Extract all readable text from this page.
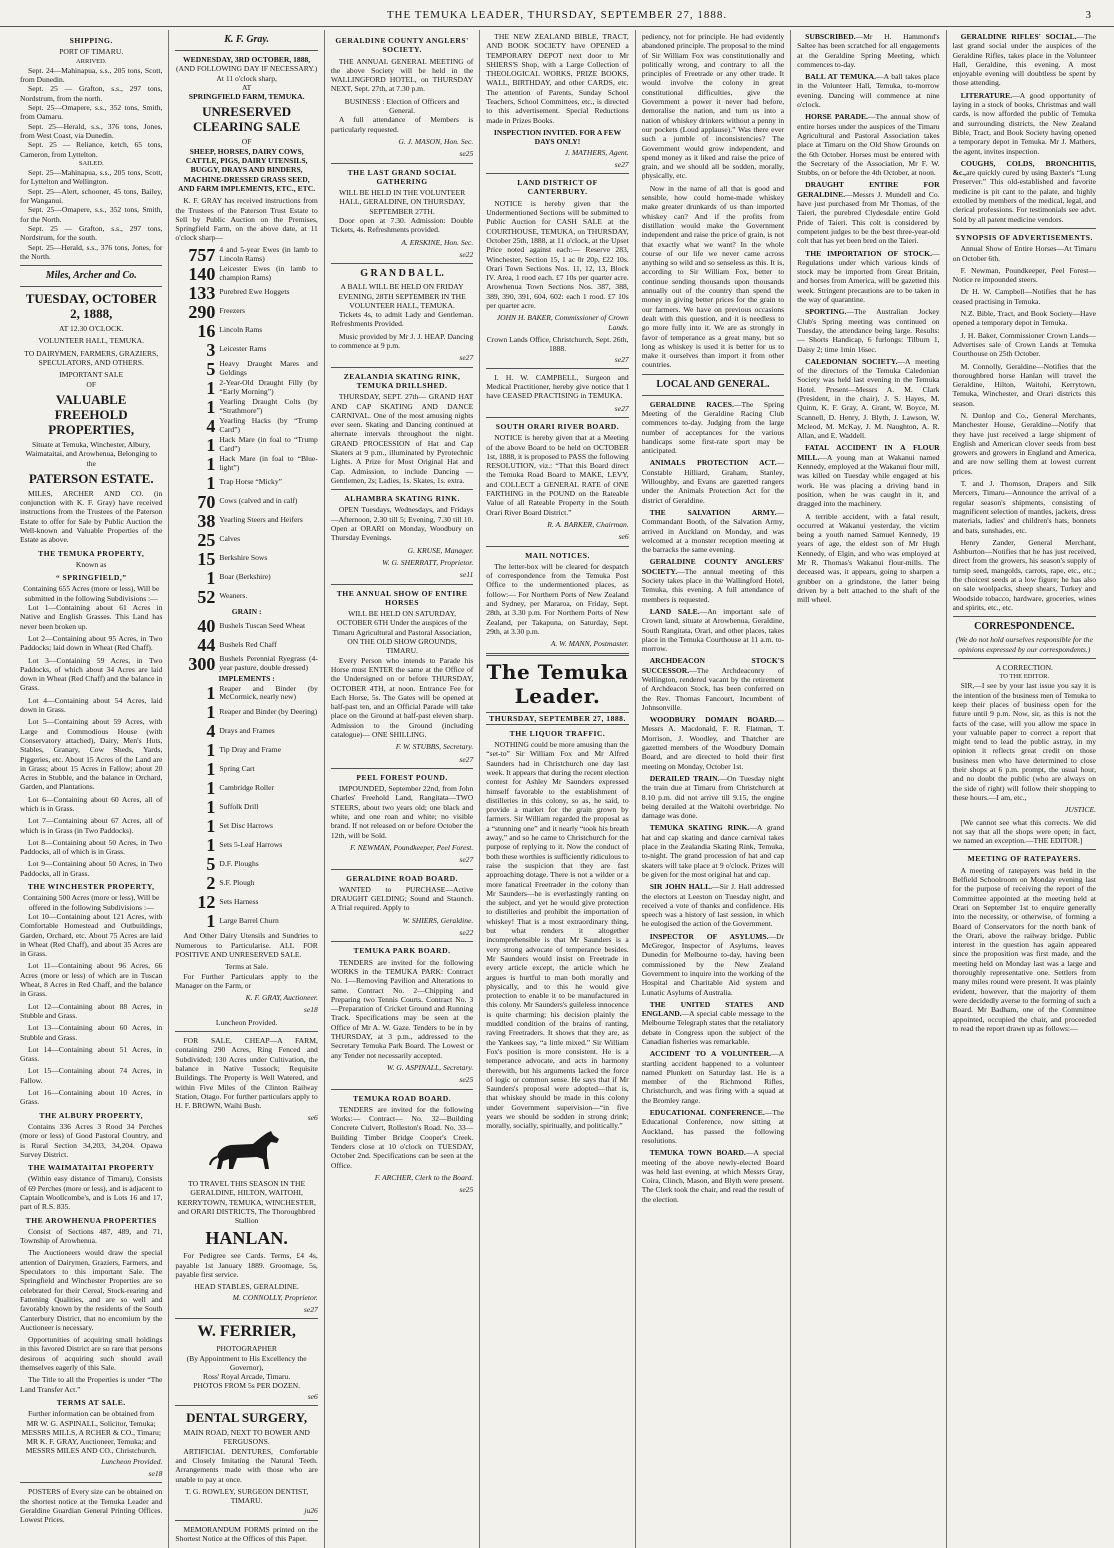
THE TEMUKA LEADER, THURSDAY, SEPTEMBER 27, 1888.	3
SHIPPING.
PORT OF TIMARU.
ARRIVED.

Sept. 24—Mahinapua, s.s., 205 tons, Scott, from Dunedin.

Sept. 25 — Grafton, s.s., 297 tons, Nordstrum, from the north.

Sept. 25—Omapere, s.s., 352 tons, Smith, from Oamaru.

Sept. 25—Herald, s.s., 376 tons, Jones, from West Coast, via Dunedin.

Sept. 25 — Reliance, ketch, 65 tons, Cameron, from Lyttelton.

SAILED.

Sept. 25—Mahinapua, s.s., 205 tons, Scott, for Lyttelton and Wellington.

Sept. 25—Alert, schooner, 45 tons, Bailey, for Wanganui.

Sept. 25—Omapere, s.s., 352 tons, Smith, for the North.

Sept. 25 — Grafton, s.s., 297 tons, Nordstrum, for the south.

Sept. 25—Herald, s.s., 376 tons, Jones, for the North.

Miles, Archer and Co.
TUESDAY, OCTOBER 2, 1888,
AT 12.30 O'CLOCK.
VOLUNTEER HALL, TEMUKA.
TO DAIRYMEN, FARMERS, GRAZIERS, SPECULATORS, AND OTHERS.
IMPORTANT SALE
OF
VALUABLE FREEHOLD PROPERTIES,
Situate at Temuka, Winchester, Albury, Waimataitai, and Arowhenua, Belonging to the
PATERSON ESTATE.

MILES, ARCHER AND CO. (in conjunction with K. F. Gray) have received instructions from the Trustees of the Paterson Estate to offer for Sale by Public Auction the Well-known and Valuable Properties of the Estate as above.

THE TEMUKA PROPERTY,
Known as
“ SPRINGFIELD,”
Containing 655 Acres (more or less), Will be submitted in the following Subdivisions :—

Lot 1—Containing about 61 Acres in Native and English Grasses. This Land has never been broken up.

Lot 2—Containing about 95 Acres, in Two Paddocks; laid down in Wheat (Red Chaff).

Lot 3—Containing 59 Acres, in Two Paddocks, of which about 34 Acres are laid down in Wheat (Red Chaff) and the balance in Grass.

Lot 4—Containing about 54 Acres, laid down in Grass.

Lot 5—Containing about 59 Acres, with Large and Commodious House (with Conservatory attached), Dairy, Men's Huts, Stables, Granary, Cow Sheds, Yards, Piggeries, etc. About 15 Acres of the Land are in Grass; about 15 Acres in Fallow; about 20 Acres in Stubble, and the balance in Orchard, Garden, and Plantations.

Lot 6—Containing about 60 Acres, all of which is in Grass.

Lot 7—Containing about 67 Acres, all of which is in Grass (in Two Paddocks).

Lot 8—Containing about 50 Acres, in Two Paddocks, all of which is in Grass.

Lot 9—Containing about 50 Acres, in Two Paddocks, all in Grass.

THE WINCHESTER PROPERTY,
Containing 500 Acres (more or less), Will be offered in the following Subdivisions :—

Lot 10—Containing about 121 Acres, with Comfortable Homestead and Outbuildings, Garden, Orchard, etc. About 75 Acres are laid in Wheat (Red Chaff), and about 35 Acres are in Grass.

Lot 11—Containing about 96 Acres, 66 Acres (more or less) of which are in Tuscan Wheat, 8 Acres in Red Chaff, and the balance in Grass.

Lot 12—Containing about 88 Acres, in Stubble and Grass.

Lot 13—Containing about 60 Acres, in Stubble and Grass.

Lot 14—Containing about 51 Acres, in Grass.

Lot 15—Containing about 74 Acres, in Fallow.

Lot 16—Containing about 10 Acres, in Grass.

THE ALBURY PROPERTY,

Contains 336 Acres 3 Rood 34 Perches (more or less) of Good Pastoral Country, and is Rural Section 34,203, 34,204. Opawa Survey District.

THE WAIMATAITAI PROPERTY

(Within easy distance of Timaru), Consists of 69 Perches (more or less), and is adjacent to Captain Woollcombe's, and is Lots 16 and 17, part of R.S. 835.

THE AROWHENUA PROPERTIES

Consist of Sections 487, 489, and 71, Township of Arowhenua.

The Auctioneers would draw the special attention of Dairymen, Graziers, Farmers, and Speculators to this important Sale. The Springfield and Winchester Properties are so celebrated for their Cereal, Stock-rearing and Fattening Qualities, and are so well and favorably known by the residents of the South Canterbury District, that no encomium by the Auctioneer is necessary.

Opportunities of acquiring small holdings in this favored District are so rare that persons desirous of acquiring such should avail themselves eagerly of this Sale.

The Title to all the Properties is under “The Land Transfer Act.”

TERMS AT SALE.
Further information can be obtained from
MR W. G. ASPINALL, Solicitor, Temuka;
MESSRS MILLS, A RCHER & CO., Timaru;
MR K. F. GRAY, Auctioneer, Temuka; and
MESSRS MILES AND CO., Christchurch.
Luncheon Provided.
se18

POSTERS of Every size can be obtained on the shortest notice at the Temuka Leader and Geraldine Guardian General Printing Offices. Lowest Prices.

K. F. Gray.
WEDNESDAY, 3RD OCTOBER, 1888,
(AND FOLLOWING DAY IF NECESSARY.)
At 11 o'clock sharp,
AT
SPRINGFIELD FARM, TEMUKA.
UNRESERVED CLEARING SALE
OF
SHEEP, HORSES, DAIRY COWS, CATTLE, PIGS, DAIRY UTENSILS, BUGGY, DRAYS AND BINDERS, MACHINE-DRESSED GRASS SEED, AND FARM IMPLEMENTS, ETC., ETC.

K. F. GRAY has received instructions from the Trustees of the Paterson Trust Estate to Sell by Public Auction on the Premises, Springfield Farm, on the above date, at 11 o'clock sharp—

757 4 and 5-year Ewes (in lamb to Lincoln Rams)
140 Leicester Ewes (in lamb to champion Rams)
133 Purebred Ewe Hoggets
290 Freezers
16 Lincoln Rams
3 Leicester Rams
5 Heavy Draught Mares and Geldings
1 2-Year-Old Draught Filly (by “Early Morning”)
1 Yearling Draught Colts (by “Strathmore”)
4 Yearling Hacks (by “Trump Card”)
1 Hack Mare (in foal to “Trump Card”)
1 Hack Mare (in foal to “Blue-light”)
1 Trap Horse “Micky”
70 Cows (calved and in calf)
38 Yearling Steers and Heifers
25 Calves
15 Berkshire Sows
1 Boar (Berkshire)
52 Weaners.
GRAIN :
40 Bushels Tuscan Seed Wheat
44 Bushels Red Chaff
300 Bushels Perennial Ryegrass (4-year pasture, double dressed)
IMPLEMENTS :
1 Reaper and Binder (by McCormick, nearly new)
1 Reaper and Binder (by Deering)
4 Drays and Frames
1 Tip Dray and Frame
1 Spring Cart
1 Cambridge Roller
1 Suffolk Drill
1 Set Disc Harrows
1 Sets 5-Leaf Harrows
5 D.F. Ploughs
2 S.F. Plough
12 Sets Harness
1 Large Barrel Churn

And Other Dairy Utensils and Sundries to Numerous to Particularise. ALL FOR POSITIVE AND UNRESERVED SALE.

Terms at Sale.

For Further Particulars apply to the Manager on the Farm, or

K. F. GRAY, Auctioneer.
se18
Luncheon Provided.

FOR SALE, CHEAP—A FARM, containing 290 Acres, Ring Fenced and Subdivided; 130 Acres under Cultivation, the balance in Native Tussock; Requisite Buildings. The Property is Well Watered, and within Five Miles of the Clinton Railway Station, Otago. For further particulars apply to H. F. BROWN, Waihi Bush.

se6

TO TRAVEL THIS SEASON IN THE GERALDINE, HILTON, WAITOHI, KERRYTOWN, TEMUKA, WINCHESTER, and ORARI DISTRICTS, The Thoroughbred Stallion

HANLAN.

For Pedigree see Cards. Terms, £4 4s, payable 1st January 1889. Groomage, 5s, payable first service.

HEAD STABLES, GERALDINE.
M. CONNOLLY, Proprietor.
se27
W. FERRIER,
PHOTOGRAPHER
(By Appointment to His Excellency the Governor),
Ross' Royal Arcade, Timaru.
PHOTOS FROM 5s PER DOZEN.
se6
DENTAL SURGERY,
MAIN ROAD, NEXT TO BOWER AND FERGUSONS.

ARTIFICIAL DENTURES, Comfortable and Closely Imitating the Natural Teeth. Arrangements made with those who are unable to pay at once.

T. G. ROWLEY, SURGEON DENTIST, TIMARU.
ju26

MEMORANDUM FORMS printed on the Shortest Notice at the Offices of this Paper.

GERALDINE COUNTY ANGLERS' SOCIETY.

THE ANNUAL GENERAL MEETING of the above Society will be held in the WALLINGFORD HOTEL, on THURSDAY NEXT, Sept. 27th, at 7.30 p.m.

BUSINESS : Election of Officers and General.

A full attendance of Members is particularly requested.

G. J. MASON, Hon. Sec.
se25
THE LAST GRAND SOCIAL GATHERING
WILL BE HELD IN THE VOLUNTEER HALL, GERALDINE, ON THURSDAY, SEPTEMBER 27TH.

Door open at 7.30. Admission: Double Tickets, 4s. Refreshments provided.

A. ERSKINE, Hon. Sec.
se22
G R A N D B A L L.
A BALL WILL BE HELD ON FRIDAY EVENING, 28TH SEPTEMBER IN THE VOLUNTEER HALL, TEMUKA.

Tickets 4s, to admit Lady and Gentleman. Refreshments Provided.

Music provided by Mr J. J. HEAP. Dancing to commence at 9 p.m.

se27
ZEALANDIA SKATING RINK, TEMUKA DRILLSHED.

THURSDAY, SEPT. 27th— GRAND HAT AND CAP SKATING AND DANCE CARNIVAL. One of the most amusing nights ever seen. Skating and Dancing continued at alternate intervals throughout the night. GRAND PROCESSION of Hat and Cap Skaters at 9 p.m., illuminated by Pyrotechnic Lights. A Prize for Most Original Hat and Cap. Admission, to include Dancing — Gentlemen, 2s; Ladies, 1s. Skates, 1s. extra.

ALHAMBRA SKATING RINK.

OPEN Tuesdays, Wednesdays, and Fridays—Afternoon, 2.30 till 5; Evening, 7.30 till 10. Open at ORARI on Monday, Woodbury on Thursday Evenings.

G. KRUSE, Manager.
W. G. SHERRATT, Proprietor.
se11
THE ANNUAL SHOW OF ENTIRE HORSES
WILL BE HELD ON SATURDAY, OCTOBER 6TH Under the auspices of the Timaru Agricultural and Pastoral Association, ON THE OLD SHOW GROUNDS, TIMARU.

Every Person who intends to Parade his Horse must ENTER the same at the Office of the Undersigned on or before THURSDAY, OCTOBER 4TH, at noon. Entrance Fee for Each Horse, 5s. The Gates will be opened at half-past ten, and an Official Parade will take place on the Ground at half-past eleven sharp. Admission to the Ground (including catalogue)— ONE SHILLING.

F. W. STUBBS, Secretary.
se27
PEEL FOREST POUND.

IMPOUNDED, September 22nd, from John Charles' Freehold Land, Rangitata—TWO STEERS, about two years old; one black and white, and one roan and white; no visible brand. If not released on or before October the 12th, will be Sold.

F. NEWMAN, Poundkeeper, Peel Forest.
se27
GERALDINE ROAD BOARD.

WANTED to PURCHASE—Active DRAUGHT GELDING; Sound and Staunch. A Trial required. Apply to

W. SHIERS, Geraldine.
se22
TEMUKA PARK BOARD.

TENDERS are invited for the following WORKS in the TEMUKA PARK: Contract No. 1—Removing Pavilion and Alterations to same. Contract No. 2—Chipping and Preparing two Tennis Courts. Contract No. 3—Preparation of Cricket Ground and Running Track. Specifications may be seen at the Office of Mr A. W. Gaze. Tenders to be in by THURSDAY, at 3 p.m., addressed to the Secretary Temuka Park Board. The Lowest or any Tender not necessarily accepted.

W. G. ASPINALL, Secretary.
se25
TEMUKA ROAD BOARD.

TENDERS are invited for the following Works:— Contract— No. 32—Building Concrete Culvert, Rolleston's Road. No. 33—Building Timber Bridge Cooper's Creek. Tenders close at 10 o'clock on TUESDAY, October 2nd. Specifications can be seen at the Office.

F. ARCHER, Clerk to the Board.
se25

THE NEW ZEALAND BIBLE, TRACT, AND BOOK SOCIETY have OPENED a TEMPORARY DEPOT next door to Mr SHIERS'S Shop, with a Large Collection of THEOLOGICAL WORKS, PRIZE BOOKS, WALL, BIRTHDAY, and other CARDS, etc. The attention of Parents, Sunday School Teachers, School Committees, etc., is directed to this advertisement. Special Reductions made in Prizes Books.

INSPECTION INVITED. FOR A FEW DAYS ONLY!
J. MATHERS, Agent.
se27
LAND DISTRICT OF CANTERBURY.

NOTICE is hereby given that the Undermentioned Sections will be submitted to Public Auction for CASH SALE at the COURTHOUSE, TEMUKA, on THURSDAY, October 25th, 1888, at 11 o'clock, at the Upset Price noted against each:— Reserve 283, Winchester, Section 15, 1 ac 0r 20p, £22 10s. Orari Town Sections Nos. 11, 12, 13, Block IV. Area, 1 rood each. £7 10s per quarter acre. Arowhenua Town Sections Nos. 387, 388, 389, 390, 391, 604, 602: each 1 rood. £7 10s per quarter acre.

JOHN H. BAKER, Commissioner of Crown Lands.
Crown Lands Office, Christchurch, Sept. 26th, 1888.
se27

I. H. W. CAMPBELL, Surgeon and Medical Practitioner, hereby give notice that I have CEASED PRACTISING in TEMUKA.

se27
SOUTH ORARI RIVER BOARD.

NOTICE is hereby given that at a Meeting of the above Board to be held on OCTOBER 1st, 1888, it is proposed to PASS the following RESOLUTION, viz.: “That this Board direct the Temuka Road Board to MAKE, LEVY, and COLLECT a GENERAL RATE of ONE FARTHING in the POUND on the Rateable Value of all Rateable Property in the South Orari River Board District.”

R. A. BARKER, Chairman.
se6
MAIL NOTICES.

The letter-box will be cleared for despatch of correspondence from the Temuka Post Office to the undermentioned places, as follow:— For Northern Ports of New Zealand and Sydney, per Mararoa, on Friday, Sept. 28th, at 3.30 p.m. For Northern Ports of New Zealand, per Takapuna, on Saturday, Sept. 29th, at 3.30 p.m.

A. W. MANN, Postmaster.
The Temuka Leader.
THURSDAY, SEPTEMBER 27, 1888.
THE LIQUOR TRAFFIC.

NOTHING could be more amusing than the “set-to” Sir William Fox and Mr Alfred Saunders had in Christchurch one day last week. It appears that during the recent election contest for Ashley Mr Saunders expressed himself favorable to the establishment of distilleries in this colony, so as, he said, to provide a market for the grain grown by farmers. Sir William regarded the proposal as a “stunning one” and it nearly “took his breath away,” and so he came to Christchurch for the purpose of replying to it. Now the conduct of both these worthies is sufficiently ridiculous to raise the suspicion that they are fast approaching dotage. There is not a wilder or a more fanatical Freetrader in the colony than Mr Saunders—he is everlastingly ranting on the subject, and yet he would give protection to distilleries and prohibit the importation of whiskey! That is a most extraordinary thing, but what renders it altogether incomprehensible is that Mr Saunders is a very strong advocate of temperance besides. Mr Saunders would insist on Freetrade in every article except, the article which he argues is hurtful to man both morally and physically, and to this he would give protection to enable it to be manufactured in this colony. Mr Saunders's guileless innocence is quite charming; his decision plainly the muddled condition of the brains of ranting, raving Freetraders. It shows that they are, as the Yankees say, “a little mixed.” Sir William Fox's position is more consistent. He is a temperance advocate, and acts in harmony therewith, but his arguments lacked the force of logic or common sense. He says that if Mr Saunders's proposal were adopted—that is, that whiskey should be made in this colony under Government supervision—“in five years we should be sodden in strong drink; morally, socially, spiritually, and politically.”

pediency, not for principle. He had evidently abandoned principle. The proposal to the mind of Sir William Fox was constitutionally and politically wrong, and contrary to all the principles of Freetrade or any other trade. It would involve the colony in great constitutional difficulties, give the Government a power it never had before, demoralise the nation, and turn us into a nation of whiskey drinkers without a penny in our pockets (Loud applause).” Was there ever such a jumble of inconsistencies? The Government would grow independent, and spend money as it liked and raise the price of grain, and we should all be sodden, morally, physically, etc.

Now in the name of all that is good and sensible, how could home-made whiskey make greater drunkards of us than imported whiskey can? And if the profits from distillation would make the Government independent and raise the price of grain, is not that exactly what we want? In the whole course of our life we never came across anything so wild and so senseless as this. It is, according to Sir William Fox, better to continue sending thousands upon thousands annually out of the country than spend the money in giving better prices for the grain to our farmers. We have on previous occasions dealt with this question, and it is needless to go more fully into it. We are as strongly in favor of temperance as a great many, but so long as whiskey is used it is better for us to make it ourselves than import it from other countries.

LOCAL AND GENERAL.

GERALDINE RACES.—The Spring Meeting of the Geraldine Racing Club commences to-day. Judging from the large number of acceptances for the various handicaps some first-rate sport may be anticipated.

ANIMALS PROTECTION ACT.—Constable Hilliard, Graham, Stanley, Willoughby, and Evans are gazetted rangers under the Animals Protection Act for the district of Geraldine.

THE SALVATION ARMY.—Commandant Booth, of the Salvation Army, arrived in Auckland on Monday, and was welcomed at a monster reception meeting at the barracks the same evening.

GERALDINE COUNTY ANGLERS' SOCIETY.—The annual meeting of this Society takes place in the Wallingford Hotel, Temuka, this evening. A full attendance of members is requested.

LAND SALE.—An important sale of Crown land, situate at Arowhenua, Geraldine, South Rangitata, Orari, and other places, takes place in the Temuka Courthouse at 11 a.m. to-morrow.

ARCHDEACON STOCK'S SUCCESSOR.—The Archdeaconry of Wellington, rendered vacant by the retirement of Archdeacon Stock, has been conferred on the Rev. Thomas Fancourt, Incumbent of Johnsonville.

WOODBURY DOMAIN BOARD.—Messrs A. Macdonald, F. R. Flatman, T. Morrison, J. Woodley, and Thatcher are gazetted members of the Woodbury Domain Board, and are directed to hold their first meeting on Monday, October 1st.

DERAILED TRAIN.—On Tuesday night the train due at Timaru from Christchurch at 8.10 p.m. did not arrive till 9.15, the engine being derailed at the Waitohi overbridge. No damage was done.

TEMUKA SKATING RINK.—A grand hat and cap skating and dance carnival takes place in the Zealandia Skating Rink, Temuka, to-night. The grand procession of hat and cap skaters will take place at 9 o'clock. Prizes will be given for the most original hat and cap.

SIR JOHN HALL.—Sir J. Hall addressed the electors at Leeston on Tuesday night, and received a vote of thanks and confidence. His speech was a history of last session, in which he eulogised the action of the Government.

INSPECTOR OF ASYLUMS.—Dr McGregor, Inspector of Asylums, leaves Dunedin for Melbourne to-day, having been commissioned by the New Zealand Government to inquire into the working of the Hospital and Charitable Aid system and Lunatic Asylums of Australia.

THE UNITED STATES AND ENGLAND.—A special cable message to the Melbourne Telegraph states that the retaliatory debate in Congress upon the subject of the Canadian fisheries was remarkable.

ACCIDENT TO A VOLUNTEER.—A startling accident happened to a volunteer named Plunkett on Saturday last. He is a member of the Richmond Rifles, Christchurch, and was firing with a squad at the Bromley range.

EDUCATIONAL CONFERENCE.—The Educational Conference, now sitting at Auckland, has passed the following resolutions.

TEMUKA TOWN BOARD.—A special meeting of the above newly-elected Board was held last evening, at which Messrs Gray, Coira, Clinch, Mason, and Blyth were present. The Clerk took the chair, and read the result of the election.

SUBSCRIBED.—Mr H. Hammond's Saltee has been scratched for all engagements at the Geraldine Spring Meeting, which commences to-day.

BALL AT TEMUKA.—A ball takes place in the Volunteer Hall, Temuka, to-morrow evening. Dancing will commence at nine o'clock.

HORSE PARADE.—The annual show of entire horses under the auspices of the Timaru Agricultural and Pastoral Association takes place at Timaru on the Old Show Grounds on the 6th October. Horses must be entered with the Secretary of the Association, Mr F. W. Stubbs, on or before the 4th October, at noon.

DRAUGHT ENTIRE FOR GERALDINE.—Messrs J. Mundell and Co. have just purchased from Mr Thomas, of the Taieri, the purebred Clydesdale entire Gold Pride of Taieri. This colt is considered by competent judges to be the best three-year-old colt that has yet been bred on the Taieri.

THE IMPORTATION OF STOCK.—Regulations under which various kinds of stock may be imported from Great Britain, and horses from America, will be gazetted this week. Stringent precautions are to be taken in the way of quarantine.

SPORTING.—The Australian Jockey Club's Spring meeting was continued on Tuesday, the attendance being large. Results:— Shorts Handicap, 6 furlongs: Tilburn 1, Daisy 2; time 1min 16sec.

CALEDONIAN SOCIETY.—A meeting of the directors of the Temuka Caledonian Society was held last evening in the Temuka Hotel. Present—Messrs A. M. Clark (President, in the chair), J. S. Hayes, M. Quinn, K. F. Gray, A. Grant, W. Boyce, M. Scannell, D. Henry, J. Blyth, J. Lawson, W. Mcleod, M. McKay, J. M. Naughton, A. R. Allan, and E. Waddell.

FATAL ACCIDENT IN A FLOUR MILL.—A young man at Wakanui named Kennedy, employed at the Wakanui flour mill, was killed on Tuesday while engaged at his work. He was placing a driving band in position, when he was caught in it, and dragged into the machinery.

A terrible accident, with a fatal result, occurred at Wakanui yesterday, the victim being a youth named Samuel Kennedy, 19 years of age, the eldest son of Mr Hugh Kennedy, of Elgin, and who was employed at Mr R. Thomas's Wakanui flour-mills. The deceased was, it appears, going to sharpen a grubber on a grindstone, the latter being driven by a belt attached to the shaft of the mill wheel.

GERALDINE RIFLES' SOCIAL.—The last grand social under the auspices of the Geraldine Rifles, takes place in the Volunteer Hall, Geraldine, this evening. A most enjoyable evening will doubtless be spent by those attending.

LITERATURE.—A good opportunity of laying in a stock of books, Christmas and wall cards, is now afforded the public of Temuka and surrounding districts, the New Zealand Bible, Tract, and Book Society having opened a temporary depot in Temuka. Mr J. Mathers, the agent, invites inspection.

COUGHS, COLDS, BRONCHITIS, &c.,are quickly cured by using Baxter's “Lung Preserver.” This old-established and favorite medicine is pit cant to the palate, and highly extolled by members of the medical, legal, and clerical professions. For testimonials see advt. Sold by all patent medicine vendors.

SYNOPSIS OF ADVERTISEMENTS.

Annual Show of Entire Horses—At Timaru on October 6th.

F. Newman, Poundkeeper, Peel Forest—Notice re impounded steers.

Dr H. W. Campbell—Notifies that he has ceased practising in Temuka.

N.Z. Bible, Tract, and Book Society—Have opened a temporary depot in Temuka.

J. H. Baker, Commissioner Crown Lands—Advertises sale of Crown Lands at Temuka Courthouse on 25th October.

M. Connolly, Geraldine—Notifies that the thoroughbred horse Hanlan will travel the Geraldine, Hilton, Waitohi, Kerrytown, Temuka, Winchester, and Orari districts this season.

N. Dunlop and Co., General Merchants, Manchester House, Geraldine—Notify that they have just received a large shipment of English and American clover seeds from best growers and growers in England and America, and are now selling them at lowest current prices.

T. and J. Thomson, Drapers and Silk Mercers, Timaru—Announce the arrival of a regular season's shipments, consisting of magnificent selection of mantles, jackets, dress materials, ladies' and children's hats, bonnets and bats, sunshades, etc.

Henry Zander, General Merchant, Ashburton—Notifies that he has just received, direct from the growers, his season's supply of turnip seed, mangolds, carrots, rape, etc., etc.; the choicest seeds at a low figure; he has also on sale woolpacks, sheep shears, Turkey and Woodside tobacco, hardware, groceries, wines and spirits, etc., etc.

CORRESPONDENCE.
(We do not hold ourselves responsible for the opinions expressed by our correspondents.)
A CORRECTION.
TO THE EDITOR.

SIR,—I see by your last issue you say it is the intention of the business men of Temuka to keep their places of business open for the future until 9 p.m. Now, sir, as this is not the facts of the case, will you allow me space in your valuable paper to correct a report that might tend to lead the public astray, in my opinion it reflects great credit on those business men who have determined to close their shops at 6 p.m. prompt, the usual hour, and no doubt the public (who are always on the side of right) will follow their shopping to these hours.—I am, etc.,

JUSTICE.

[We cannot see what this corrects. We did not say that all the shops were open; in fact, we named an exception.—THE EDITOR.]

MEETING OF RATEPAYERS.

A meeting of ratepayers was held in the Belfield Schoolroom on Monday evening last for the purpose of receiving the report of the Committee appointed at the meeting held at Orari on September 1st to enquire generally into the necessity, or otherwise, of forming a Board of Conservators for the north bank of the Orari, above the railway bridge. Public interest in the question has again appeared since the proposition was first made, and the meeting held on Monday last was a large and thoroughly representative one. Settlers from many miles round were present. It was plainly evident, however, that the majority of them were decidedly averse to the forming of such a Board. Mr Badham, one of the Committee appointed, occupied the chair, and proceeded to read the report drawn up as follows:—
